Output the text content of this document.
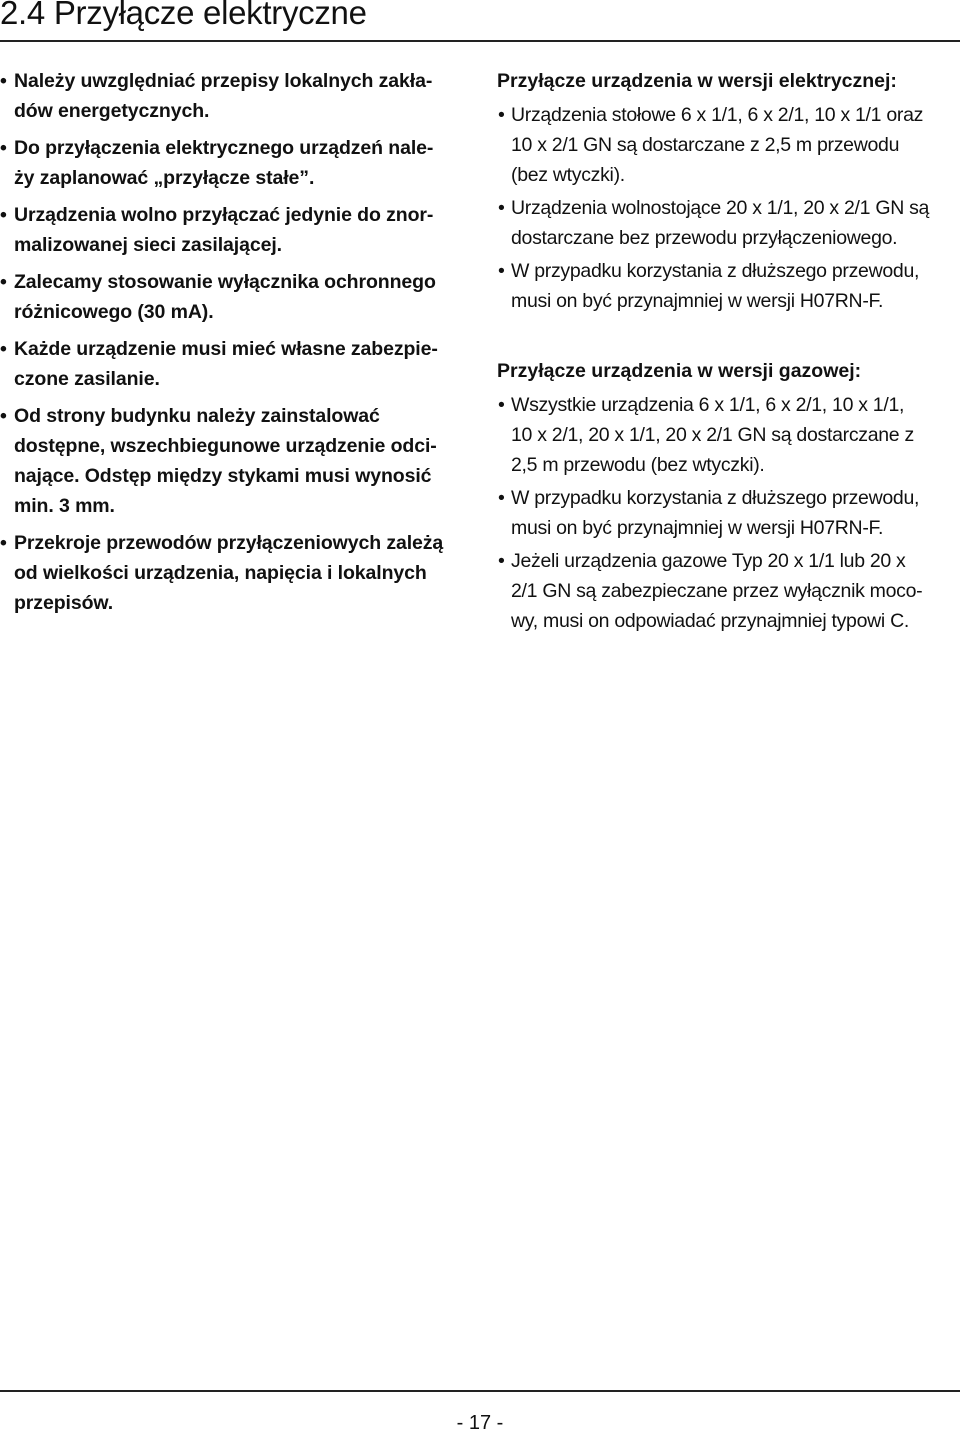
2.4 Przyłącze elektryczne
• Należy uwzględniać przepisy lokalnych zakła-
dów energetycznych.
• Do przyłączenia elektrycznego urządzeń nale-
ży zaplanować „przyłącze stałe”.
• Urządzenia wolno przyłączać jedynie do znor-
malizowanej sieci zasilającej.
• Zalecamy stosowanie wyłącznika ochronnego
różnicowego (30 mA).
• Każde urządzenie musi mieć własne zabezpie-
czone zasilanie.
• Od strony budynku należy zainstalować
dostępne, wszechbiegunowe urządzenie odci-
nające. Odstęp między stykami musi wynosić
min. 3 mm.
• Przekroje przewodów przyłączeniowych zależą
od wielkości urządzenia, napięcia i lokalnych
przepisów.
Przyłącze urządzenia w wersji elektrycznej:
• Urządzenia stołowe 6 x 1/1, 6 x 2/1, 10 x 1/1 oraz
10 x 2/1 GN są dostarczane z 2,5 m przewodu
(bez wtyczki).
• Urządzenia wolnostojące 20 x 1/1, 20 x 2/1 GN są
dostarczane bez przewodu przyłączeniowego.
• W przypadku korzystania z dłuższego przewodu,
musi on być przynajmniej w wersji H07RN-F.
Przyłącze urządzenia w wersji gazowej:
• Wszystkie urządzenia 6 x 1/1, 6 x 2/1, 10 x 1/1,
10 x 2/1, 20 x 1/1, 20 x 2/1 GN są dostarczane z
2,5 m przewodu (bez wtyczki).
• W przypadku korzystania z dłuższego przewodu,
musi on być przynajmniej w wersji H07RN-F.
• Jeżeli urządzenia gazowe Typ 20 x 1/1 lub 20 x
2/1 GN są zabezpieczane przez wyłącznik moco-
wy, musi on odpowiadać przynajmniej typowi C.
- 17 -
